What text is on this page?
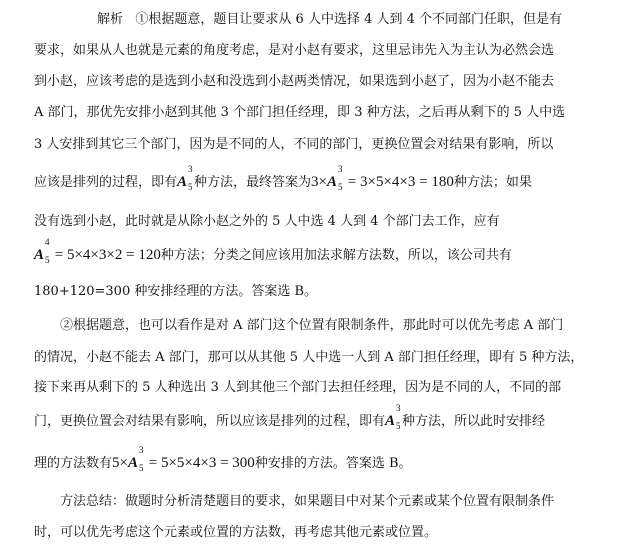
解析 ①根据题意，题目让要求从 6 人中选择 4 人到 4 个不同部门任职，但是有
要求，如果从人也就是元素的角度考虑，是对小赵有要求，这里忌讳先入为主认为必然会选
到小赵，应该考虑的是选到小赵和没选到小赵两类情况，如果选到小赵了，因为小赵不能去
A 部门，那优先安排小赵到其他 3 个部门担任经理，即 3 种方法，之后再从剩下的 5 人中选
3 人安排到其它三个部门，因为是不同的人，不同的部门，更换位置会对结果有影响，所以
应该是排列的过程，即有A
3
5 种方法，最终答案为3×A
3
5 = 3×5×4×3 = 180种方法；如果
没有选到小赵，此时就是从除小赵之外的 5 人中选 4 人到 4 个部门去工作，应有
A
4
5 = 5×4×3×2 = 120种方法；分类之间应该用加法求解方法数，所以，该公司共有
180+120=300 种安排经理的方法。答案选 B。
②根据题意，也可以看作是对 A 部门这个位置有限制条件，那此时可以优先考虑 A 部门
的情况，小赵不能去 A 部门，那可以从其他 5 人中选一人到 A 部门担任经理，即有 5 种方法，
接下来再从剩下的 5 人种选出 3 人到其他三个部门去担任经理，因为是不同的人，不同的部
门，更换位置会对结果有影响，所以应该是排列的过程，即有A
3
5 种方法，所以此时安排经
理的方法数有5×A
3
5 = 5×5×4×3 = 300种安排的方法。答案选 B。
方法总结：做题时分析清楚题目的要求，如果题目中对某个元素或某个位置有限制条件
时，可以优先考虑这个元素或位置的方法数，再考虑其他元素或位置。
